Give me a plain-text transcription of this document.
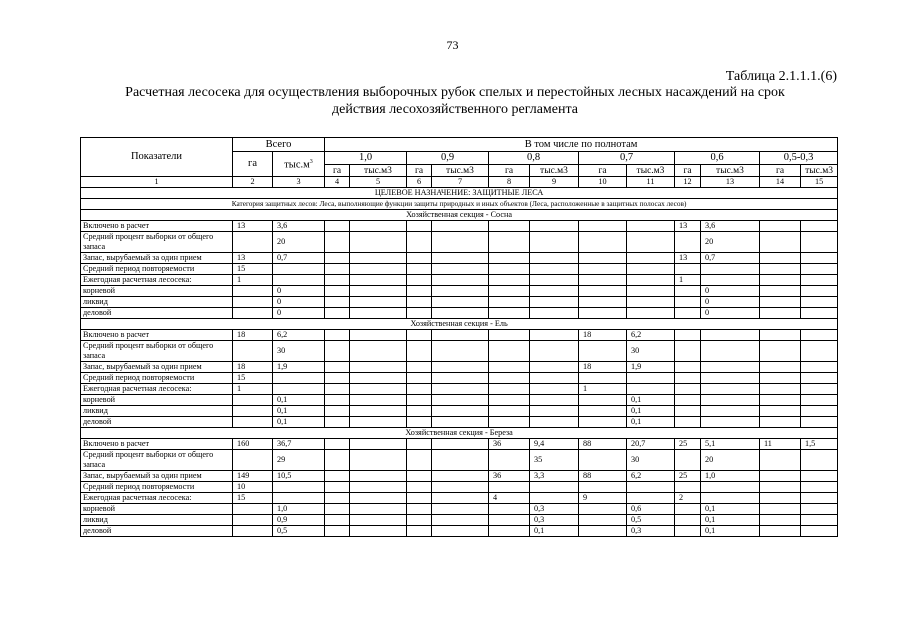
73
Таблица 2.1.1.1.(6)
Расчетная лесосека для осуществления выборочных рубок спелых и перестойных лесных насаждений на срок
действия лесохозяйственного регламента
Показатели	Всего		В том числе по полнотам											
	га	$тыс.м^3$	1,0		0,9		0,8		0,7		0,6		0,5-0,3	
			га	тыс.м3	га	тыс.м3	га	тыс.м3	га	тыс.м3	га	тыс.м3	га	тыс.м3
1	2	3	4	5	6	7	8	9	10	11	12	13	14	15
ЦЕЛЕВОЕ НАЗНАЧЕНИЕ: ЗАЩИТНЫЕ ЛЕСА														
Категория защитных лесов: Леса, выполняющие функции защиты природных и иных объектов (Леса, расположенные в защитных полосах лесов)														
Хозяйственная секция - Сосна														
Включено в расчет	13	3,6									13	3,6		
Средний процент выборки от общего запаса		20										20		
Запас, вырубаемый за один прием	13	0,7									13	0,7		
Средний период повторяемости	15													
Ежегодная расчетная лесосека:	1										1			
корневой		0										0		
ликвид		0										0		
деловой		0										0		
Хозяйственная секция - Ель														
Включено в расчет	18	6,2							18	6,2				
Средний процент выборки от общего запаса		30								30				
Запас, вырубаемый за один прием	18	1,9							18	1,9				
Средний период повторяемости	15													
Ежегодная расчетная лесосека:	1								1					
корневой		0,1								0,1				
ликвид		0,1								0,1				
деловой		0,1								0,1				
Хозяйственная секция - Береза														
Включено в расчет	160	36,7					36	9,4	88	20,7	25	5,1	11	1,5
Средний процент выборки от общего запаса		29						35		30		20		
Запас, вырубаемый за один прием	149	10,5					36	3,3	88	6,2	25	1,0		
Средний период повторяемости	10													
Ежегодная расчетная лесосека:	15						4		9		2			
корневой		1,0						0,3		0,6		0,1		
ликвид		0,9						0,3		0,5		0,1		
деловой		0,5						0,1		0,3		0,1		
